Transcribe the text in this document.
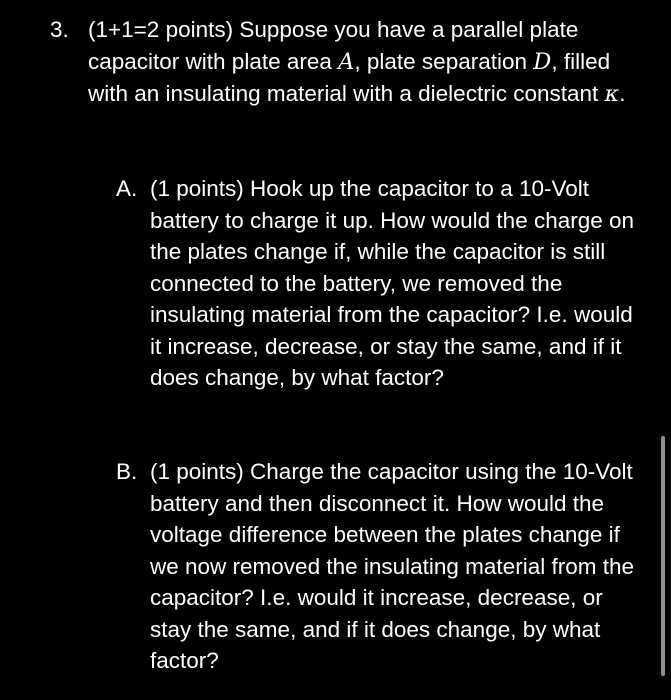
3. (1+1=2 points) Suppose you have a parallel plate capacitor with plate area A, plate separation D, filled with an insulating material with a dielectric constant κ.
A. (1 points) Hook up the capacitor to a 10-Volt battery to charge it up. How would the charge on the plates change if, while the capacitor is still connected to the battery, we removed the insulating material from the capacitor? I.e. would it increase, decrease, or stay the same, and if it does change, by what factor?
B. (1 points) Charge the capacitor using the 10-Volt battery and then disconnect it. How would the voltage difference between the plates change if we now removed the insulating material from the capacitor? I.e. would it increase, decrease, or stay the same, and if it does change, by what factor?
